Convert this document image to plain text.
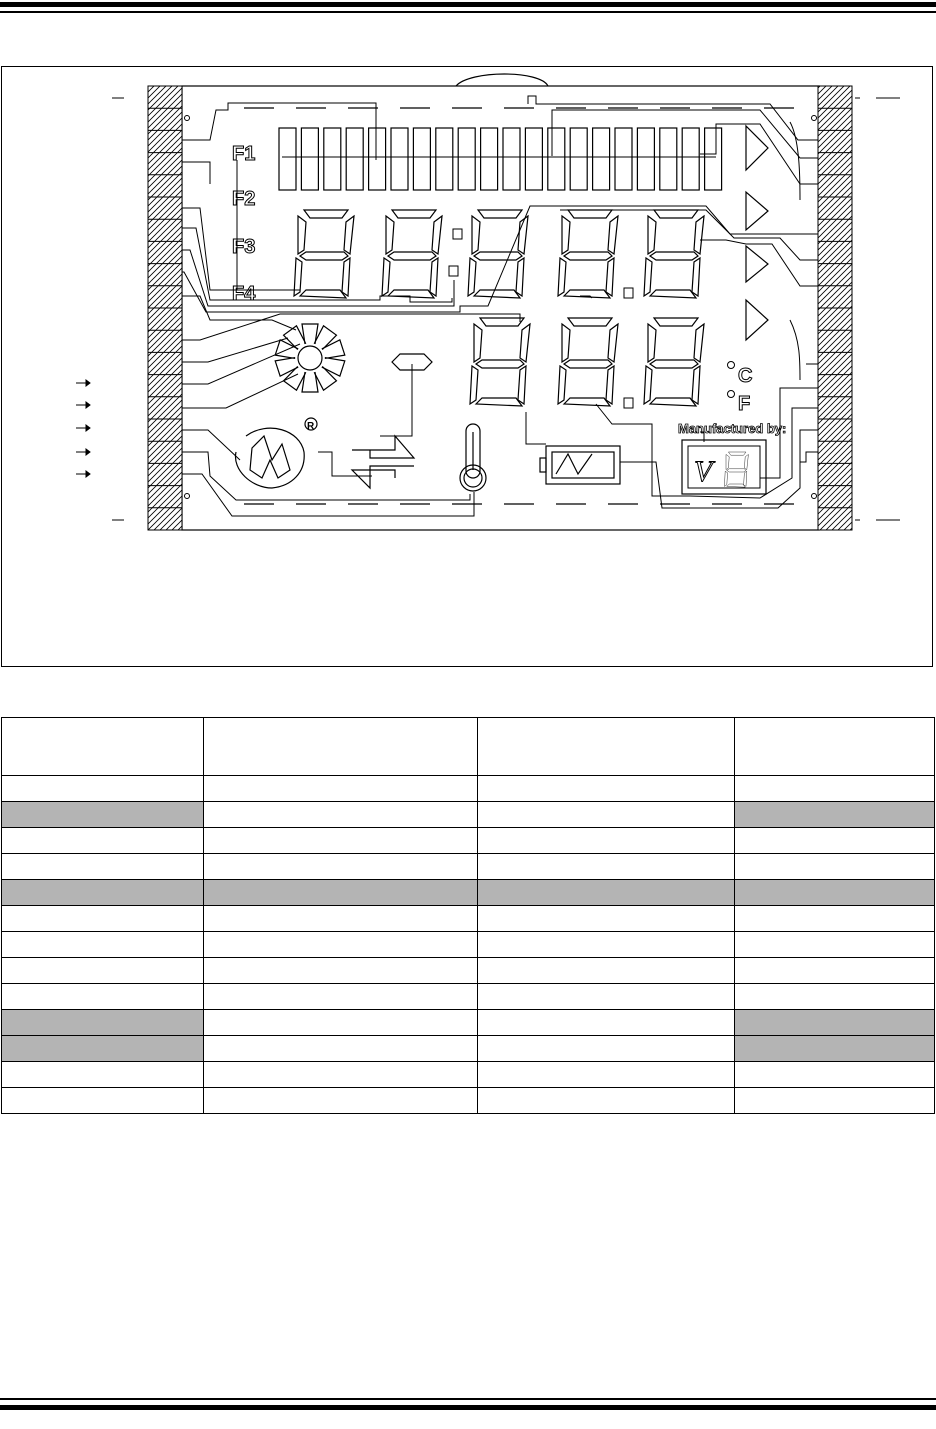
F1
F2
F3
F4
C
F
Manufactured by:
V
R
